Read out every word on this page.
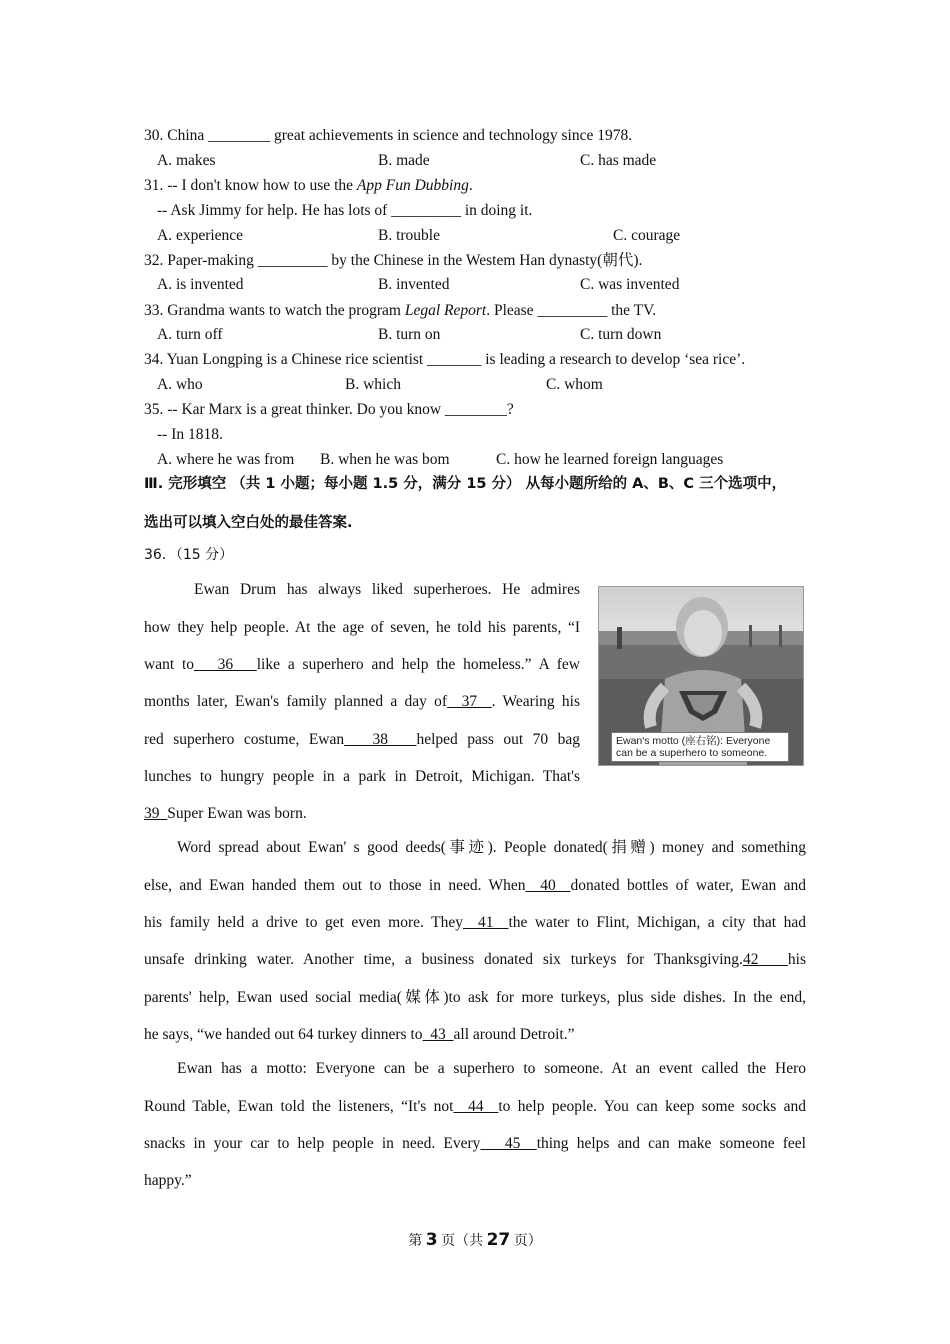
30. China ________ great achievements in science and technology since 1978.
A. makes	B. made	C. has made
31. -- I don't know how to use the App Fun Dubbing.
-- Ask Jimmy for help. He has lots of _________ in doing it.
A. experience	B. trouble	C. courage
32. Paper-making _________ by the Chinese in the Westem Han dynasty(朝代).
A. is invented	B. invented	C. was invented
33. Grandma wants to watch the program Legal Report. Please _________ the TV.
A. turn off	B. turn on	C. turn down
34. Yuan Longping is a Chinese rice scientist _______ is leading a research to develop ‘sea rice’.
A. who	B. which	C. whom
35. -- Kar Marx is a great thinker. Do you know ________?
-- In 1818.
A. where he was from B. when he was bom	C. how he learned foreign languages
Ⅲ. 完形填空 （共 1 小题；每小题 1.5 分，满分 15 分） 从每小题所给的 A、B、C 三个选项中，
选出可以填入空白处的最佳答案.
36．（15 分）
Ewan Drum has always liked superheroes. He admires
how they help people. At the age of seven, he told his parents, “I
want to   36   like a superhero and help the homeless.” A few
months later, Ewan's family planned a day of  37  . Wearing his
red superhero costume, Ewan   38   helped pass out 70 bag
lunches to hungry people in a park in Detroit, Michigan. That's
39  Super Ewan was born.
Ewan's motto (座右铭): Everyone can be a superhero to someone.
Word spread about Ewan' s good deeds(事迹). People donated(捐赠) money and something
else, and Ewan handed them out to those in need. When  40  donated bottles of water, Ewan and
his family held a drive to get even more. They  41  the water to Flint, Michigan, a city that had
unsafe drinking water. Another time, a business donated six turkeys for Thanksgiving.42   his
parents' help, Ewan used social media(媒体)to ask for more turkeys, plus side dishes. In the end,
he says, “we handed out 64 turkey dinners to  43  all around Detroit.”
Ewan has a motto: Everyone can be a superhero to someone. At an event called the Hero
Round Table, Ewan told the listeners, “It's not  44  to help people. You can keep some socks and
snacks in your car to help people in need. Every   45  thing helps and can make someone feel
happy.”
第 3 页（共 27 页）
